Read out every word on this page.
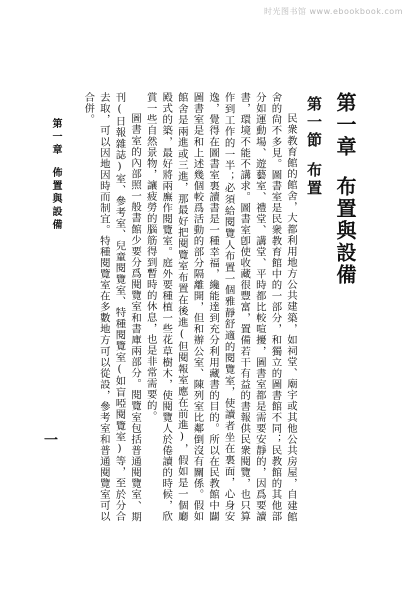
时光图书馆 www.ebookbook.com
第一章布置與設備
第一節布置

民衆教育館的館舍，大都利用地方公共建築，如祠堂、廟宇或其他公共房屋，自建館舍的尙不多見。圖書室是民衆教育館中的一部分，和獨立的圖書館不同；民教館的其他部分如運動場、遊藝室、禮堂、講堂、平時都比較喧擾，圖書室都是需要安靜的，因爲要讀書，環境不能不講求。圖書室卽使收藏很豐富，置備若干有益的書報供民衆閱覽，也只算作到工作的一半；必須給閱覽人布置一個雅靜舒適的閱覽室，使讀者坐在裏面，心身安逸，覺得在圖書室裏讀書是一種幸福，纔能達到充分利用藏書的目的。所以在民教館中闢圖書室是和上述幾個較爲活動的部分隔離開，但和辦公室、陳列室比鄰倒沒有關係。假如館舍是兩進或三進，那最好把閱覽室布置在後進(但閱報室應在前進)，假如是一個廳殿式的築，最好將兩廡作閱覽室。庭外要種植一些花草樹木，使閱覽人於倦讀的時候，欣賞一些自然景物，讓疲勞的腦筋得到暫時的休息，也是非常需要的。

圖書室的內部照一般書館少要分爲閱覽室和書庫兩部分。閱覽室包括普通閱覽室、期刊(日報雜誌)室、參考室、兒童閱覽室、特種閱覽室(如盲啞閱覽室)等，至於分合去取，可以因地因時而制宜。特種閱覽室在多數地方可以從設，參考室和普通閱覽室可以合併。

第一章佈置與設備
一
